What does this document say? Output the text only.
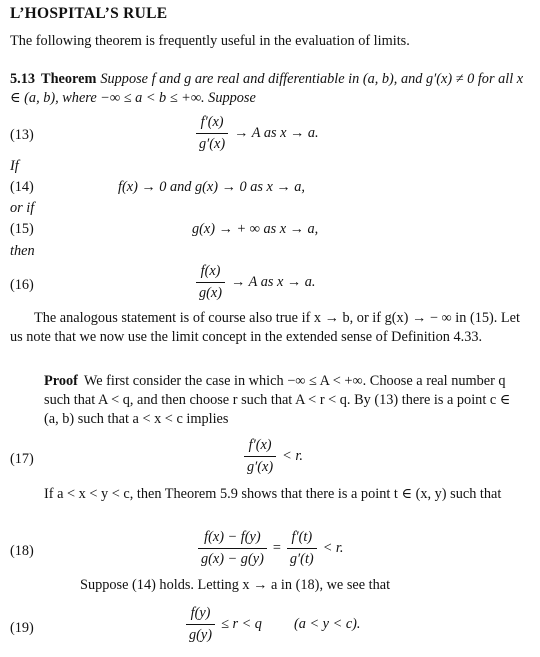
L’HOSPITAL’S RULE
The following theorem is frequently useful in the evaluation of limits.
5.13 Theorem Suppose f and g are real and differentiable in (a, b), and g′(x) ≠ 0 for all x ∈ (a, b), where −∞ ≤ a < b ≤ +∞. Suppose
(13)	$\frac{f'(x)}{g'(x)} \to A$ as x → a.
If
(14)	f(x) → 0 and g(x) → 0 as x → a,
or if
(15)	g(x) → + ∞ as x → a,
then
(16)	$\frac{f(x)}{g(x)} \to A$ as x → a.
The analogous statement is of course also true if x → b, or if g(x) → − ∞ in (15). Let us note that we now use the limit concept in the extended sense of Definition 4.33.
Proof We first consider the case in which −∞ ≤ A < +∞. Choose a real number q such that A < q, and then choose r such that A < r < q. By (13) there is a point c ∈ (a, b) such that a < x < c implies
(17)	$\frac{f'(x)}{g'(x)} < r$.
If a < x < y < c, then Theorem 5.9 shows that there is a point t ∈ (x, y) such that
(18)	$\frac{f(x) - f(y)}{g(x) - g(y)} = \frac{f'(t)}{g'(t)} < r$.
Suppose (14) holds. Letting x → a in (18), we see that
(19)	$\frac{f(y)}{g(y)} \le r < q$ (a < y < c).
